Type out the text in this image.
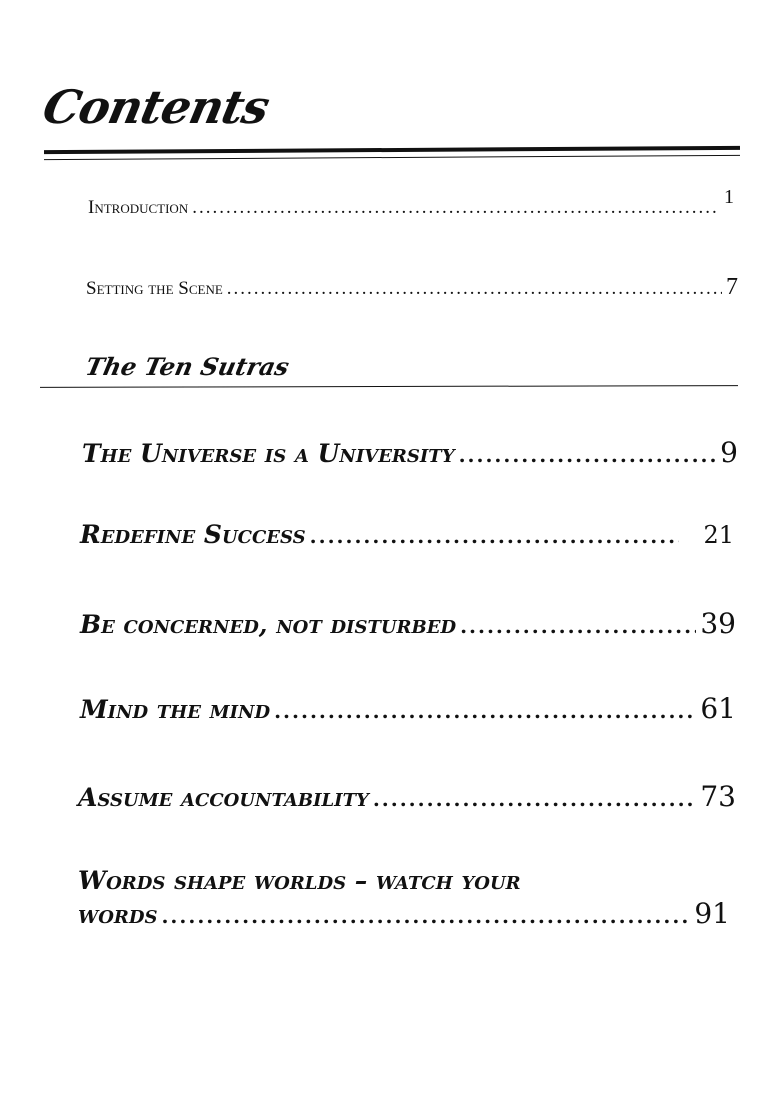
Contents
Introduction .....	1
Setting the Scene .....	7
The Ten Sutras
The Universe is a University .....	9
Redefine Success .....	21
Be concerned, not disturbed .....	39
Mind the mind .....	61
Assume accountability .....	73
Words shape worlds – watch your
words .....	91
